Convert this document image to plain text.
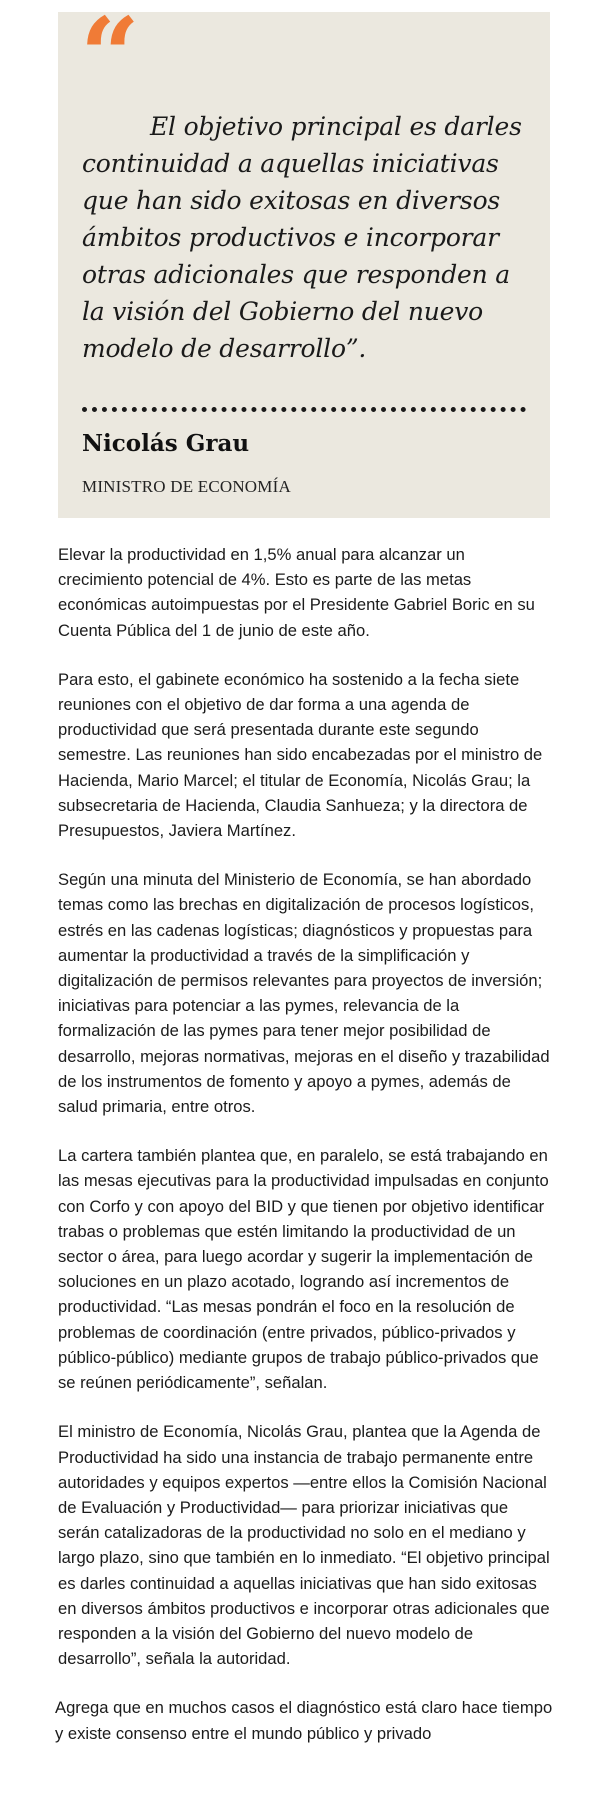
“

El objetivo principal es darles continuidad a aquellas iniciativas que han sido exitosas en diversos ámbitos productivos e incorporar otras adicionales que responden a la visión del Gobierno del nuevo modelo de desarrollo”.

Nicolás Grau
MINISTRO DE ECONOMÍA

Elevar la productividad en 1,5% anual para alcanzar un crecimiento potencial de 4%. Esto es parte de las metas económicas autoimpuestas por el Presidente Gabriel Boric en su Cuenta Pública del 1 de junio de este año.

Para esto, el gabinete económico ha sostenido a la fecha siete reuniones con el objetivo de dar forma a una agenda de productividad que será presentada durante este segundo semestre. Las reuniones han sido encabezadas por el ministro de Hacienda, Mario Marcel; el titular de Economía, Nicolás Grau; la subsecretaria de Hacienda, Claudia Sanhueza; y la directora de Presupuestos, Javiera Martínez.

Según una minuta del Ministerio de Economía, se han abordado temas como las brechas en digitalización de procesos logísticos, estrés en las cadenas logísticas; diagnósticos y propuestas para aumentar la productividad a través de la simplificación y digitalización de permisos relevantes para proyectos de inversión; iniciativas para potenciar a las pymes, relevancia de la formalización de las pymes para tener mejor posibilidad de desarrollo, mejoras normativas, mejoras en el diseño y trazabilidad de los instrumentos de fomento y apoyo a pymes, además de salud primaria, entre otros.

La cartera también plantea que, en paralelo, se está trabajando en las mesas ejecutivas para la productividad impulsadas en conjunto con Corfo y con apoyo del BID y que tienen por objetivo identificar trabas o problemas que estén limitando la productividad de un sector o área, para luego acordar y sugerir la implementación de soluciones en un plazo acotado, logrando así incrementos de productividad. “Las mesas pondrán el foco en la resolución de problemas de coordinación (entre privados, público-privados y público-público) mediante grupos de trabajo público-privados que se reúnen periódicamente”, señalan.

El ministro de Economía, Nicolás Grau, plantea que la Agenda de Productividad ha sido una instancia de trabajo permanente entre autoridades y equipos expertos —entre ellos la Comisión Nacional de Evaluación y Productividad— para priorizar iniciativas que serán catalizadoras de la productividad no solo en el mediano y largo plazo, sino que también en lo inmediato. “El objetivo principal es darles continuidad a aquellas iniciativas que han sido exitosas en diversos ámbitos productivos e incorporar otras adicionales que responden a la visión del Gobierno del nuevo modelo de desarrollo”, señala la autoridad.

Agrega que en muchos casos el diagnóstico está claro hace tiempo y existe consenso entre el mundo público y privado
